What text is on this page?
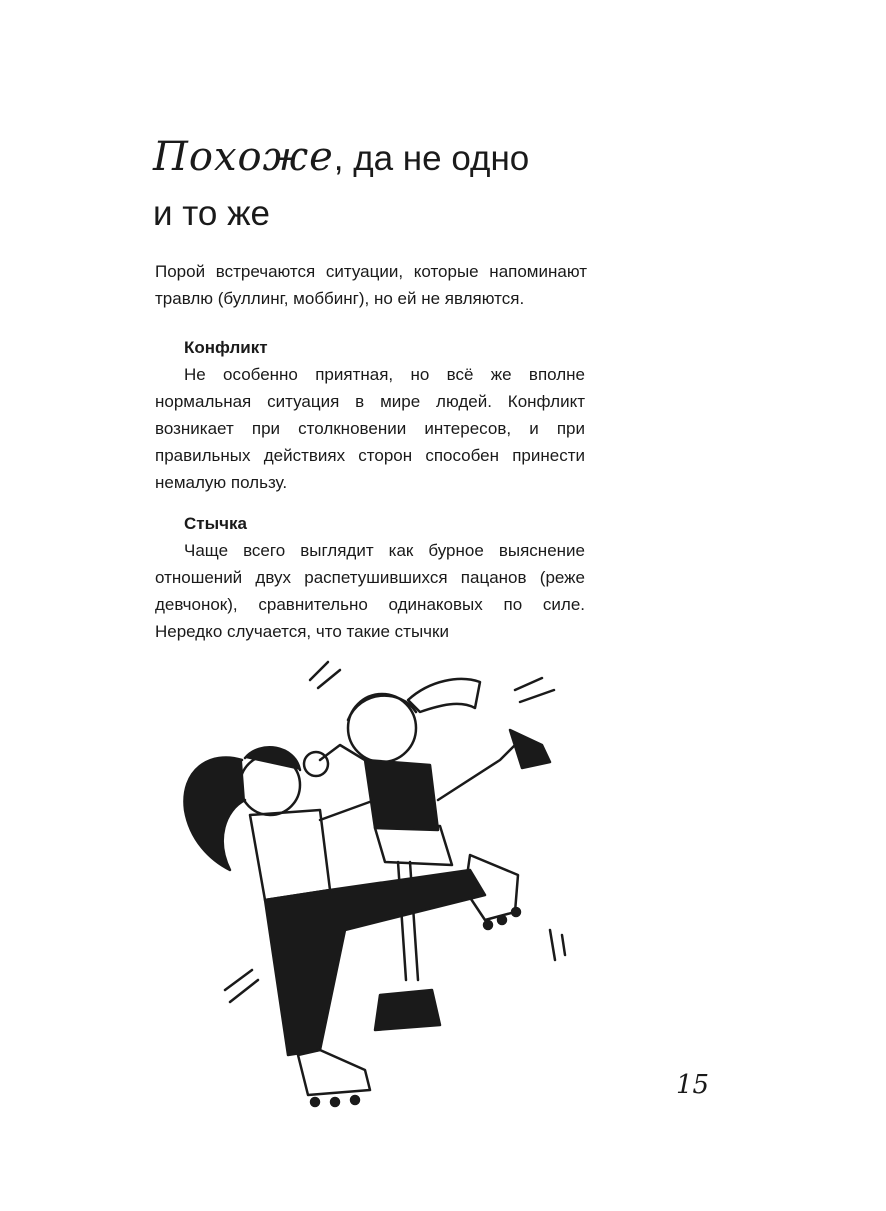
Похоже, да не одно
и то же

Порой встречаются ситуации, которые напоминают травлю (буллинг, моббинг), но ей не являются.

Конфликт

Не особенно приятная, но всё же вполне нормальная ситуация в мире людей. Конфликт возникает при столкновении интересов, и при правильных действиях сторон способен принести немалую пользу.

Стычка

Чаще всего выглядит как бурное выяснение отношений двух распетушившихся пацанов (реже девчонок), сравнительно одинаковых по силе. Нередко случается, что такие стычки

15
